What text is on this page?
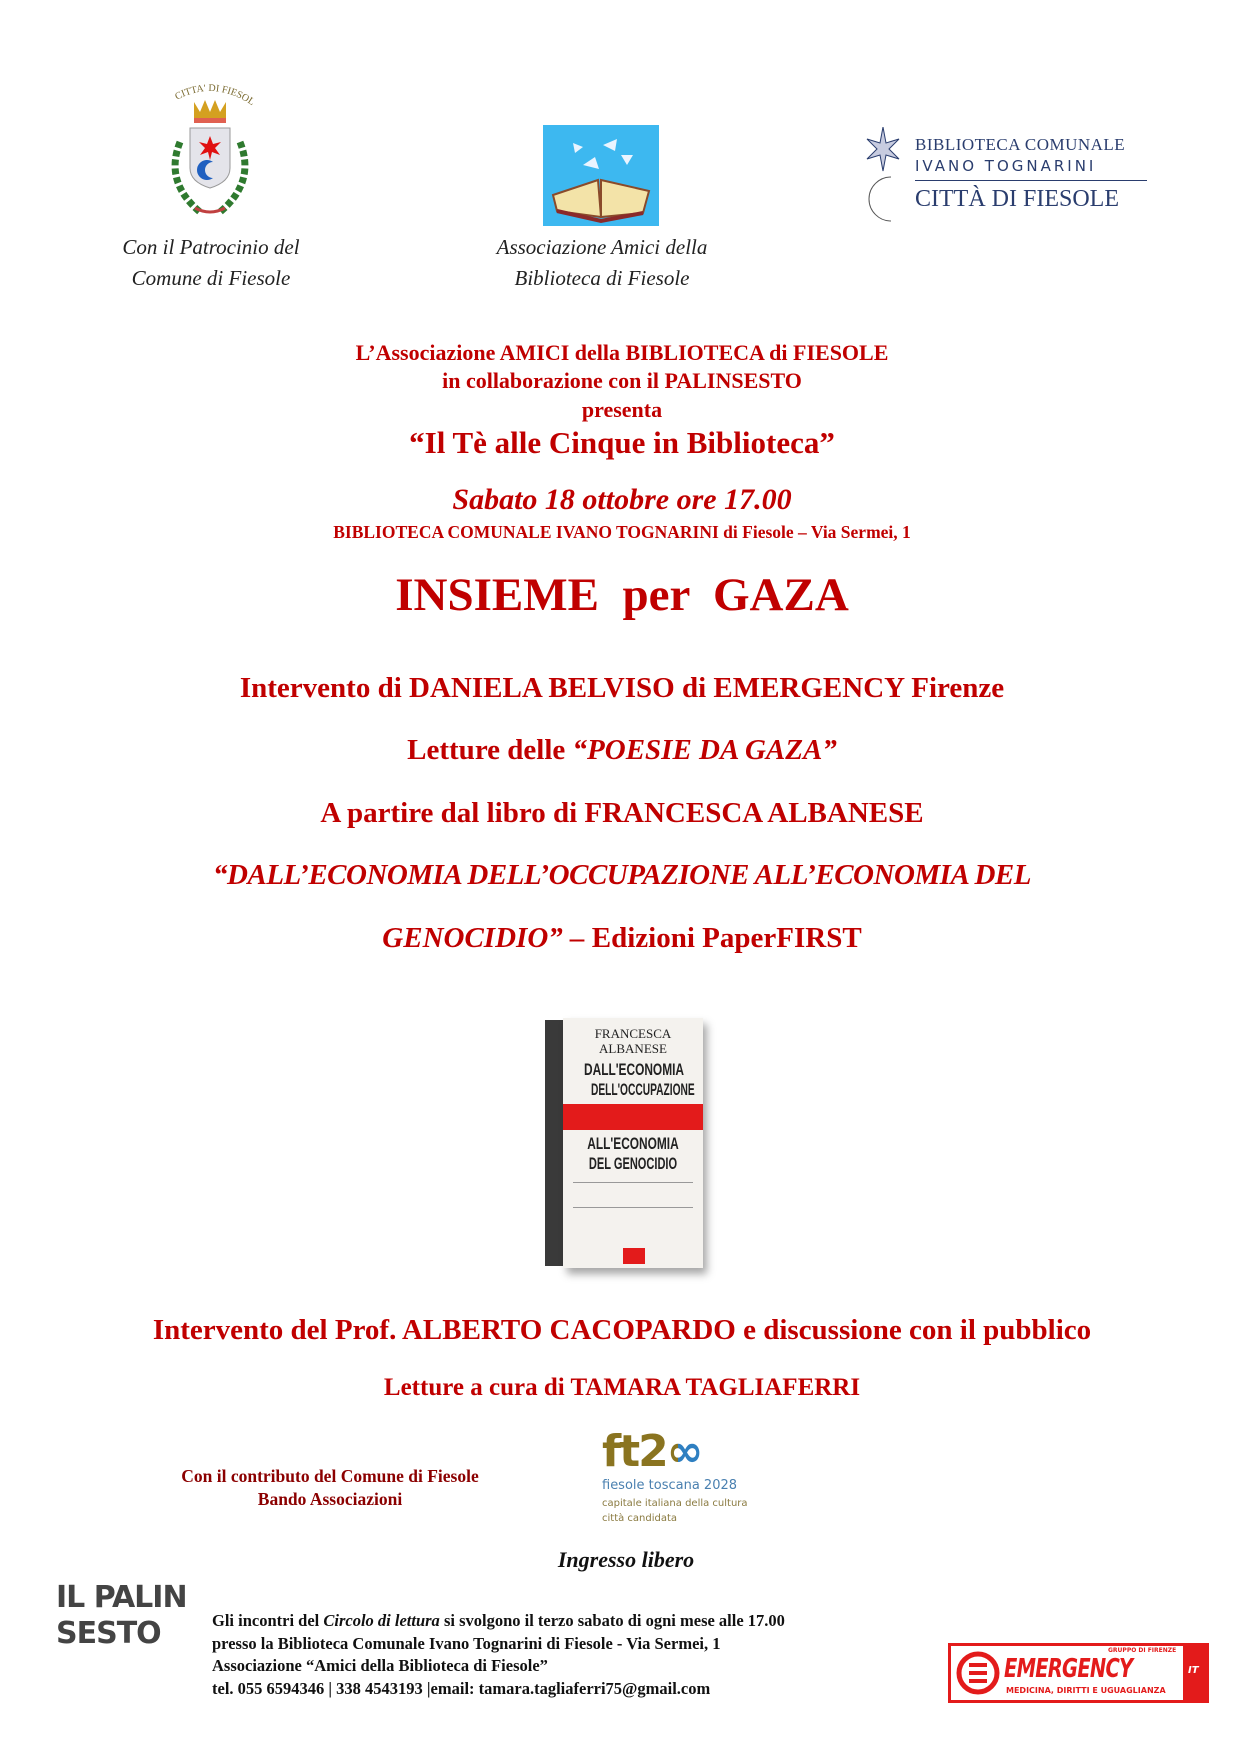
CITTA' DI FIESOL
Con il Patrocinio del
Comune di Fiesole
Associazione Amici della
Biblioteca di Fiesole
BIBLIOTECA COMUNALE
IVANO TOGNARINI
CITTÀ DI FIESOLE
L’Associazione AMICI della BIBLIOTECA di FIESOLE
in collaborazione con il PALINSESTO
presenta
“Il Tè alle Cinque in Biblioteca”
Sabato 18 ottobre ore 17.00
BIBLIOTECA COMUNALE IVANO TOGNARINI di Fiesole – Via Sermei, 1
INSIEME  per  GAZA
Intervento di DANIELA BELVISO di EMERGENCY Firenze
Letture delle “POESIE DA GAZA”
A partire dal libro di FRANCESCA ALBANESE
“DALL’ECONOMIA DELL’OCCUPAZIONE ALL’ECONOMIA DEL
GENOCIDIO” – Edizioni PaperFIRST
FRANCESCA
ALBANESE
DALL'ECONOMIA
DELL'OCCUPAZIONE
ALL'ECONOMIA
DEL GENOCIDIO
Intervento del Prof. ALBERTO CACOPARDO e discussione con il pubblico
Letture a cura di TAMARA TAGLIAFERRI
Con il contributo del Comune di Fiesole
Bando Associazioni
ft2∞
fiesole toscana 2028
capitale italiana della cultura
città candidata
Ingresso libero
IL PALINSESTO	Gli incontri del Circolo di lettura si svolgono il terzo sabato di ogni mese alle 17.00
presso la Biblioteca Comunale Ivano Tognarini di Fiesole - Via Sermei, 1
Associazione “Amici della Biblioteca di Fiesole”
tel. 055 6594346 | 338 4543193 |email: tamara.tagliaferri75@gmail.com
GRUPPO DI FIRENZE
EMERGENCY
MEDICINA, DIRITTI E UGUAGLIANZA
IT
